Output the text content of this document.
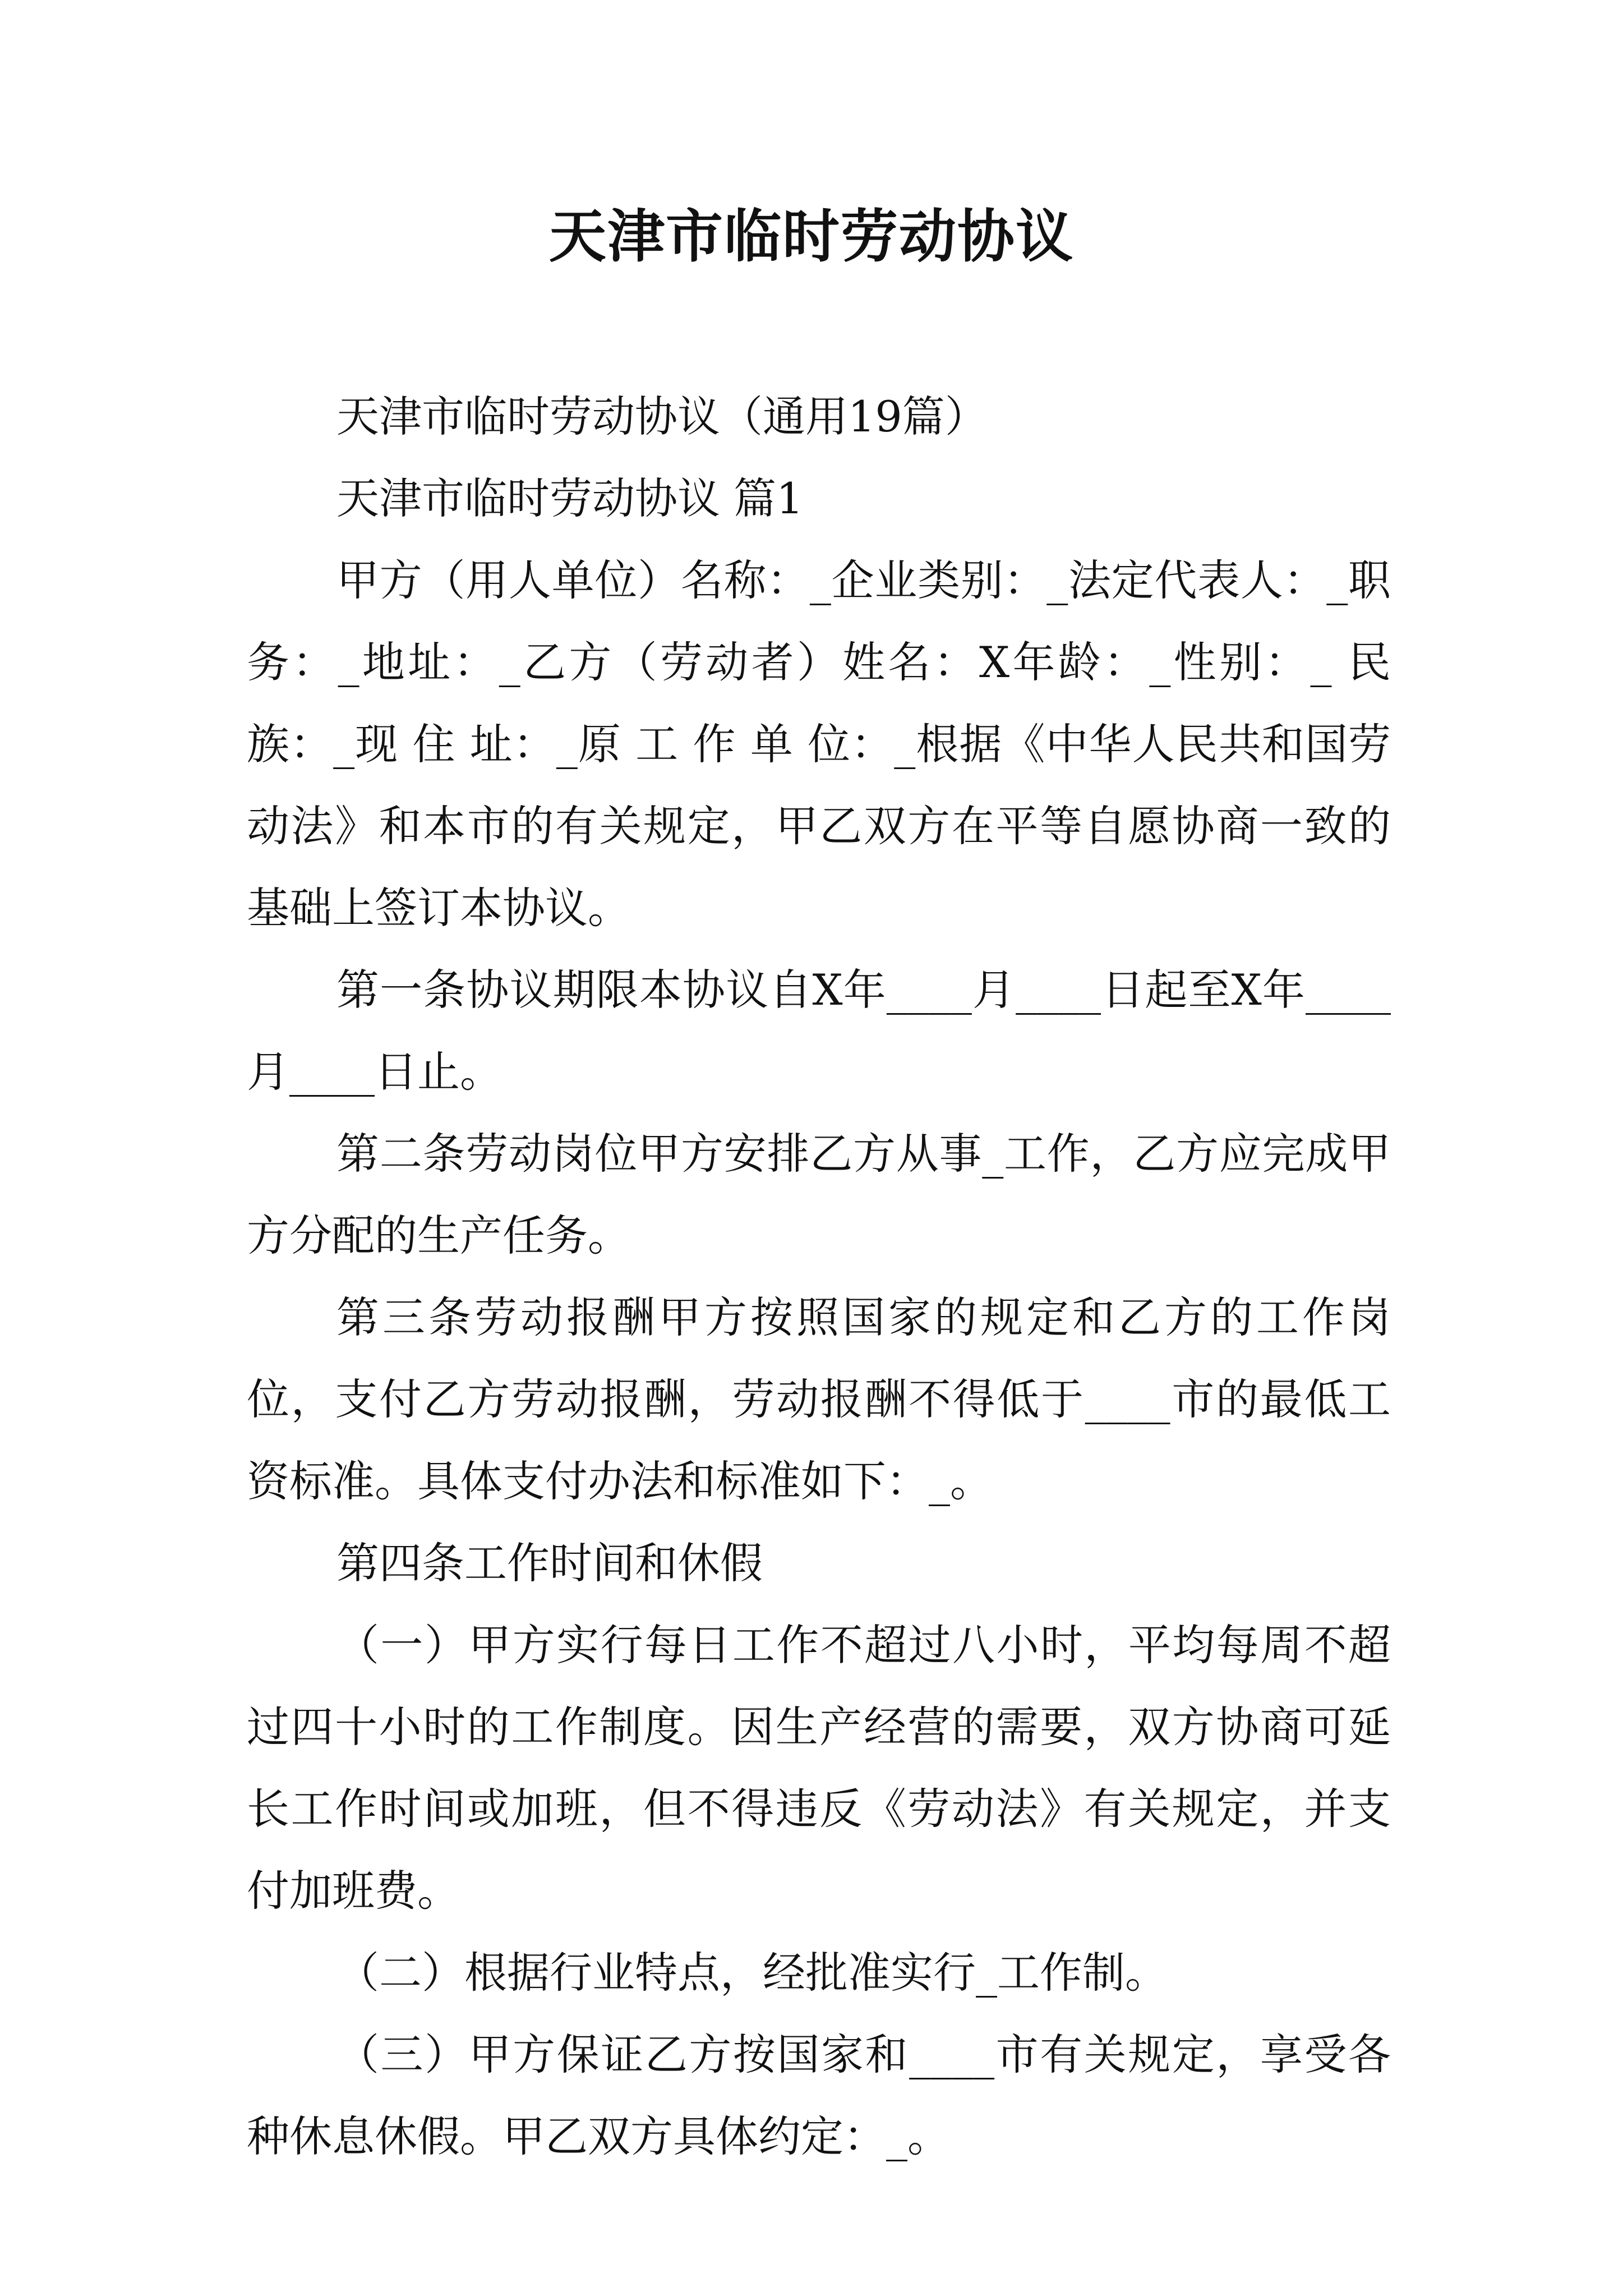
天津市临时劳动协议

天津市临时劳动协议（通用19篇）

天津市临时劳动协议 篇1

甲方（用人单位）名称：_企业类别：_法定代表人：_职务：_地址：_乙方（劳动者）姓名：X年龄：_性别：_ 民族：_现 住 址：_原 工 作 单 位：_根据《中华人民共和国劳动法》和本市的有关规定，甲乙双方在平等自愿协商一致的基础上签订本协议。

第一条协议期限本协议自X年____月____日起至X年____月____日止。

第二条劳动岗位甲方安排乙方从事_工作，乙方应完成甲方分配的生产任务。

第三条劳动报酬甲方按照国家的规定和乙方的工作岗位，支付乙方劳动报酬，劳动报酬不得低于____市的最低工资标准。具体支付办法和标准如下：_。

第四条工作时间和休假

（一）甲方实行每日工作不超过八小时，平均每周不超过四十小时的工作制度。因生产经营的需要，双方协商可延长工作时间或加班，但不得违反《劳动法》有关规定，并支付加班费。

（二）根据行业特点，经批准实行_工作制。

（三）甲方保证乙方按国家和____市有关规定，享受各种休息休假。甲乙双方具体约定：_。
